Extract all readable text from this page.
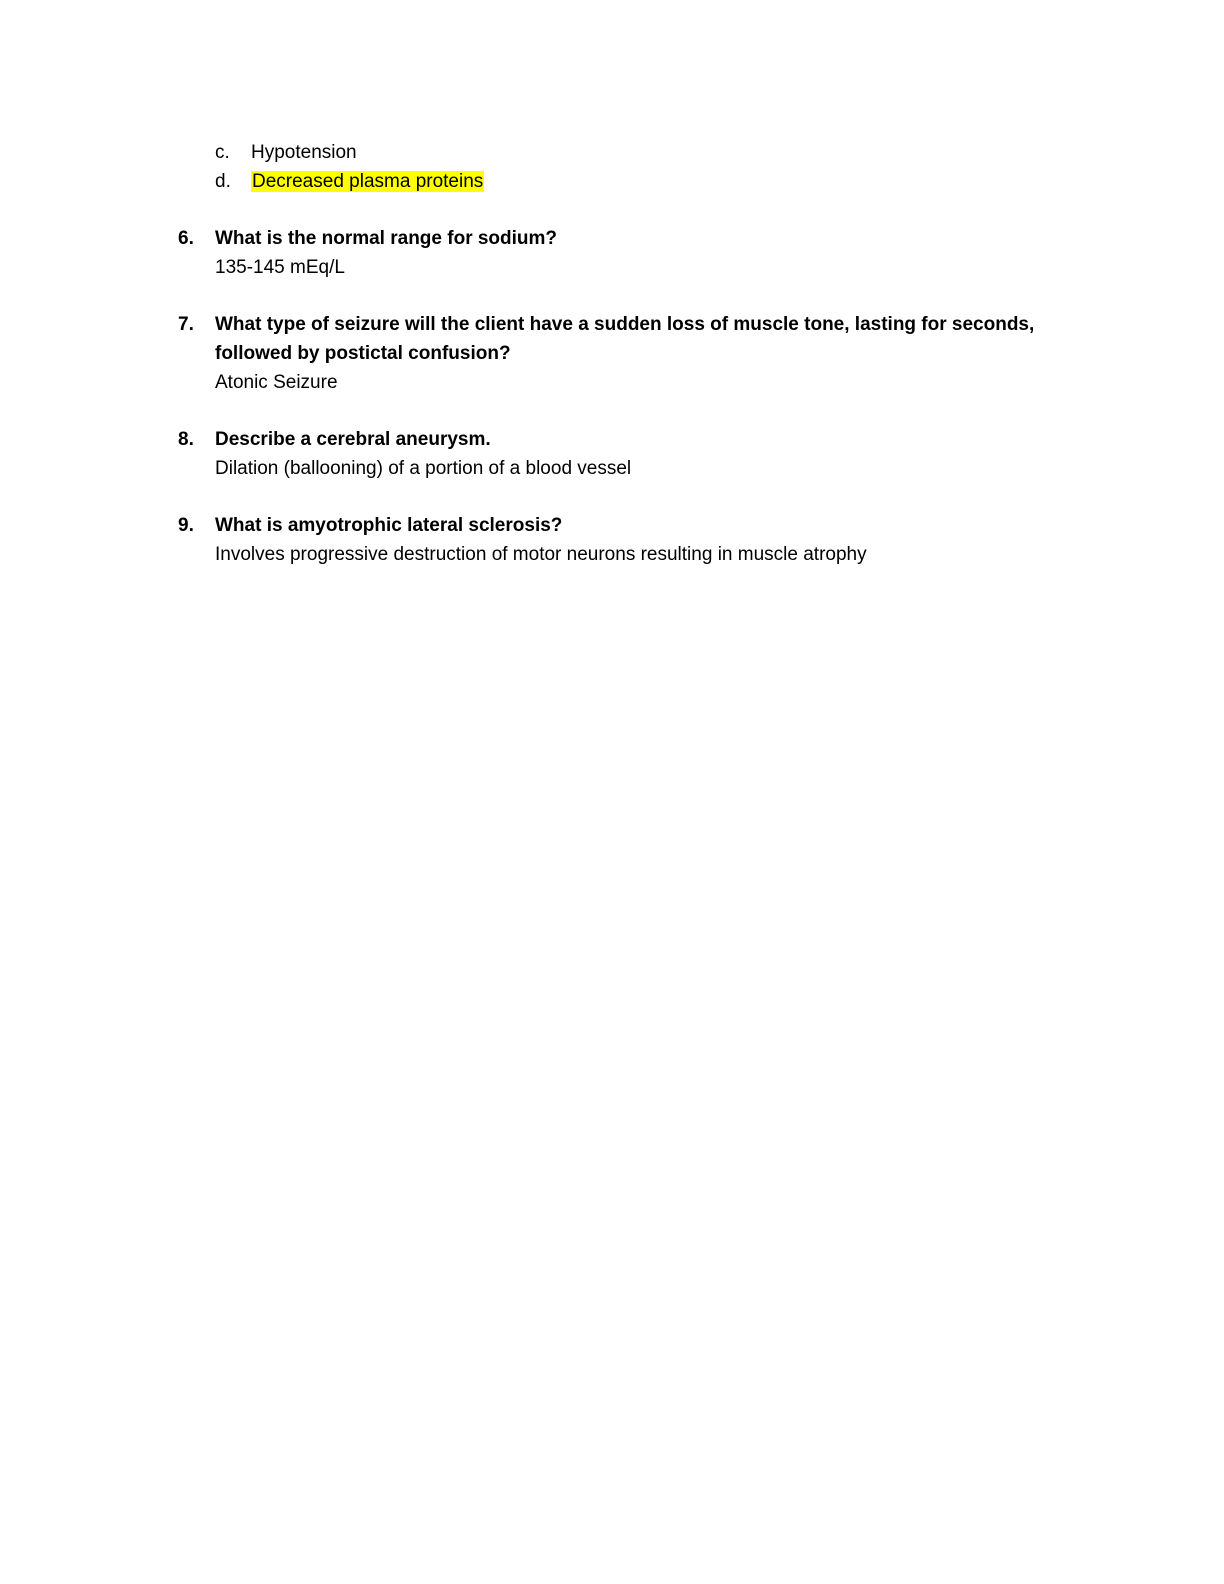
c. Hypotension
d. Decreased plasma proteins
6. What is the normal range for sodium?
135-145 mEq/L
7. What type of seizure will the client have a sudden loss of muscle tone, lasting for seconds,
followed by postictal confusion?
Atonic Seizure
8. Describe a cerebral aneurysm.
Dilation (ballooning) of a portion of a blood vessel
9. What is amyotrophic lateral sclerosis?
Involves progressive destruction of motor neurons resulting in muscle atrophy
